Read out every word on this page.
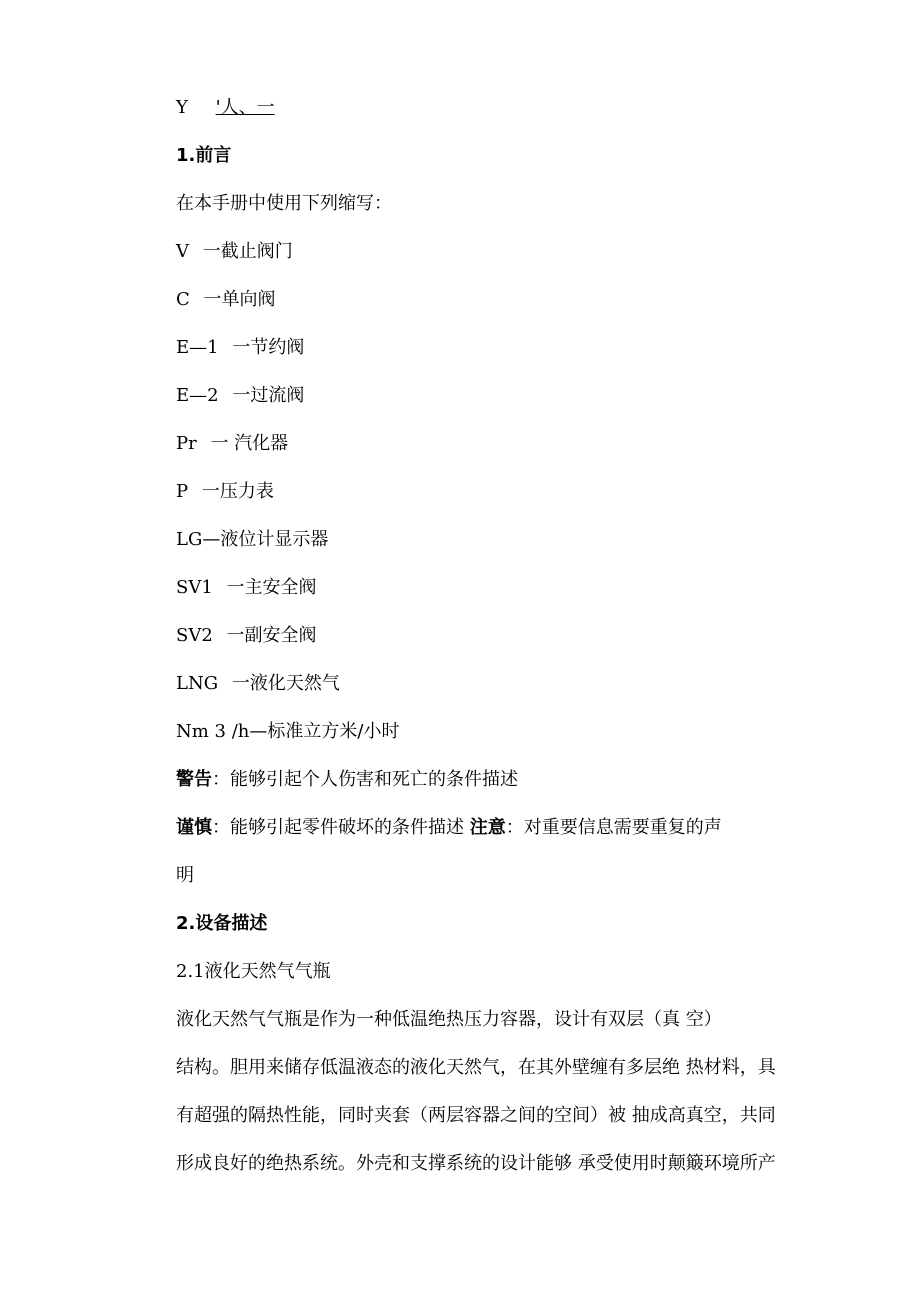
Y '人、一
1.前言
在本手册中使用下列缩写：
V 一截止阀门
C 一单向阀
E—1 一节约阀
E—2 一过流阀
Pr 一 汽化器
P 一压力表
LG—液位计显示器
SV1 一主安全阀
SV2 一副安全阀
LNG 一液化天然气
Nm 3 /h—标准立方米/小时
警告：能够引起个人伤害和死亡的条件描述
谨慎：能够引起零件破坏的条件描述 注意：对重要信息需要重复的声
明
2.设备描述
2.1液化天然气气瓶
液化天然气气瓶是作为一种低温绝热压力容器，设计有双层（真 空）
结构。胆用来储存低温液态的液化天然气，在其外壁缠有多层绝 热材料，具
有超强的隔热性能，同时夹套（两层容器之间的空间）被 抽成高真空，共同
形成良好的绝热系统。外壳和支撑系统的设计能够 承受使用时颠簸环境所产
